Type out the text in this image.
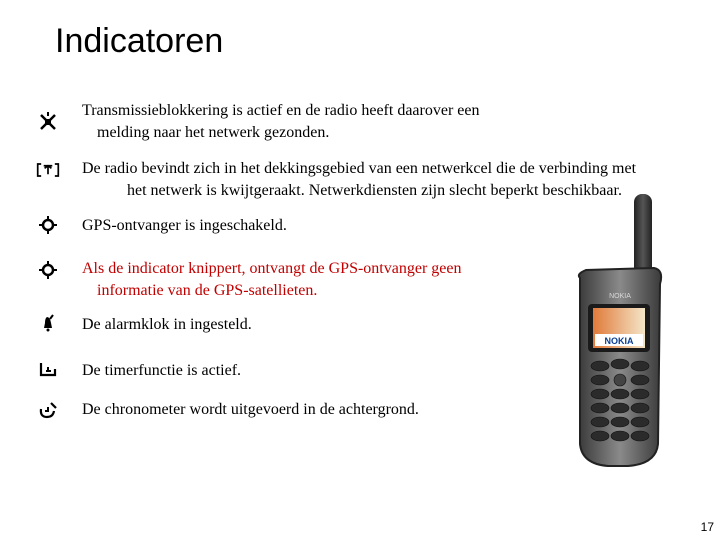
Indicatoren
Transmissieblokkering is actief en de radio heeft daarover een
melding naar het netwerk gezonden.
De radio bevindt zich in het dekkingsgebied van een netwerkcel die de verbinding met
het netwerk is kwijtgeraakt. Netwerkdiensten zijn slecht beperkt beschikbaar.
GPS-ontvanger is ingeschakeld.
Als de indicator knippert, ontvangt de GPS-ontvanger geen
informatie van de GPS-satellieten.
De alarmklok in ingesteld.
De timerfunctie is actief.
De chronometer wordt uitgevoerd in de achtergrond.
NOKIA
NOKIA
17
